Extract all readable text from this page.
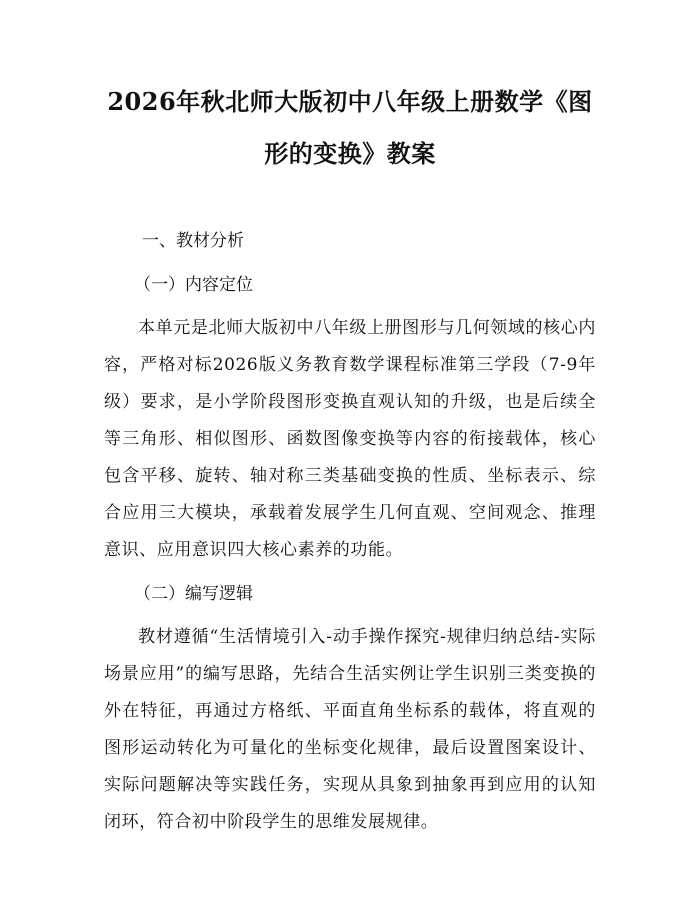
2026年秋北师大版初中八年级上册数学《图形的变换》教案
一、教材分析
（一）内容定位

本单元是北师大版初中八年级上册图形与几何领域的核心内容，严格对标2026版义务教育数学课程标准第三学段（7-9年级）要求，是小学阶段图形变换直观认知的升级，也是后续全等三角形、相似图形、函数图像变换等内容的衔接载体，核心包含平移、旋转、轴对称三类基础变换的性质、坐标表示、综合应用三大模块，承载着发展学生几何直观、空间观念、推理意识、应用意识四大核心素养的功能。

（二）编写逻辑

教材遵循“生活情境引入-动手操作探究-规律归纳总结-实际场景应用”的编写思路，先结合生活实例让学生识别三类变换的外在特征，再通过方格纸、平面直角坐标系的载体，将直观的图形运动转化为可量化的坐标变化规律，最后设置图案设计、实际问题解决等实践任务，实现从具象到抽象再到应用的认知闭环，符合初中阶段学生的思维发展规律。
